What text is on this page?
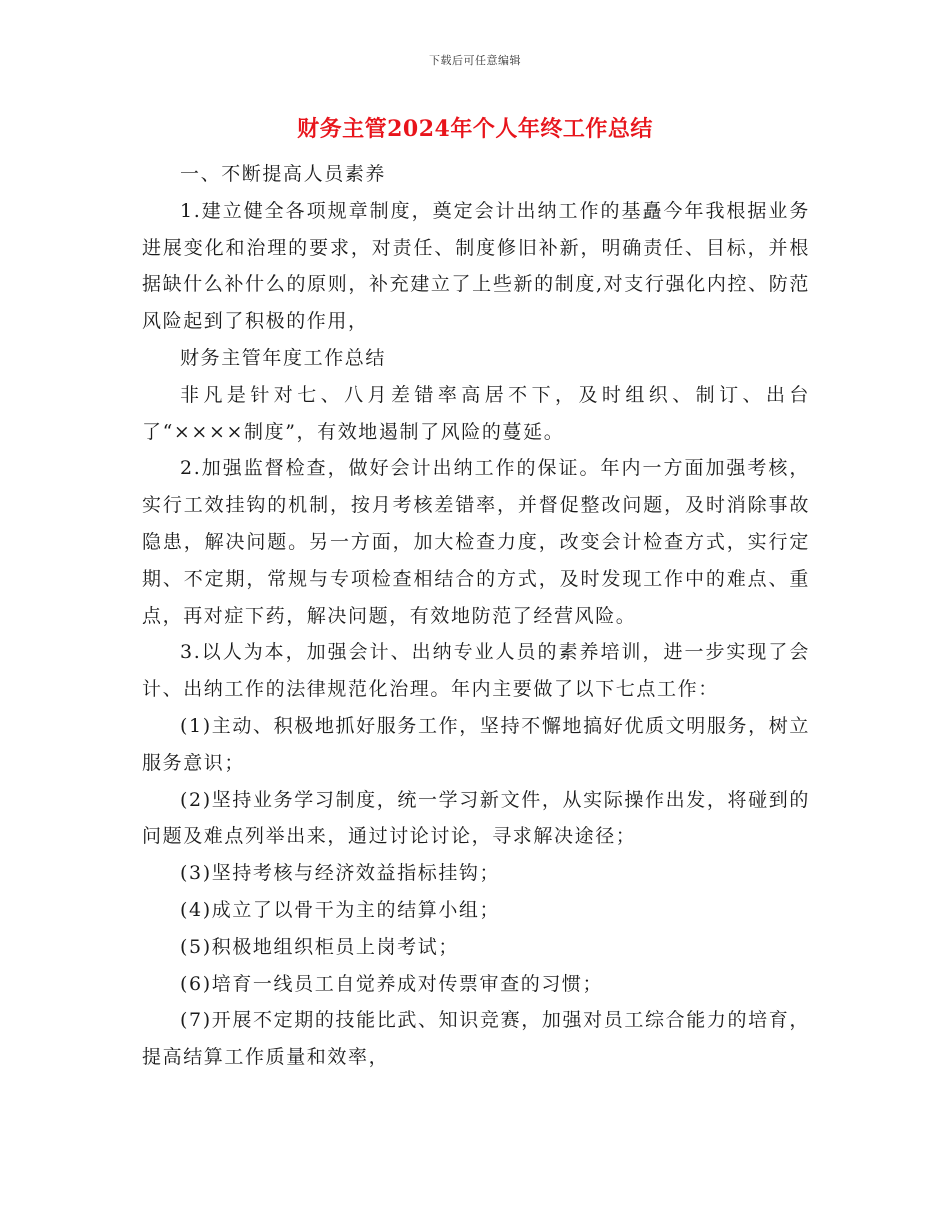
下载后可任意编辑
财务主管2024年个人年终工作总结

一、不断提高人员素养

1.建立健全各项规章制度，奠定会计出纳工作的基矗今年我根据业务进展变化和治理的要求，对责任、制度修旧补新，明确责任、目标，并根据缺什么补什么的原则，补充建立了上些新的制度,对支行强化内控、防范风险起到了积极的作用，

财务主管年度工作总结

非凡是针对七、八月差错率高居不下，及时组织、制订、出台了“××××制度”，有效地遏制了风险的蔓延。

2.加强监督检查，做好会计出纳工作的保证。年内一方面加强考核，实行工效挂钩的机制，按月考核差错率，并督促整改问题，及时消除事故隐患，解决问题。另一方面，加大检查力度，改变会计检查方式，实行定期、不定期，常规与专项检查相结合的方式，及时发现工作中的难点、重点，再对症下药，解决问题，有效地防范了经营风险。

3.以人为本，加强会计、出纳专业人员的素养培训，进一步实现了会计、出纳工作的法律规范化治理。年内主要做了以下七点工作：

(1)主动、积极地抓好服务工作，坚持不懈地搞好优质文明服务，树立服务意识；

(2)坚持业务学习制度，统一学习新文件，从实际操作出发，将碰到的问题及难点列举出来，通过讨论讨论，寻求解决途径；

(3)坚持考核与经济效益指标挂钩；

(4)成立了以骨干为主的结算小组；

(5)积极地组织柜员上岗考试；

(6)培育一线员工自觉养成对传票审查的习惯；

(7)开展不定期的技能比武、知识竞赛，加强对员工综合能力的培育，提高结算工作质量和效率，
